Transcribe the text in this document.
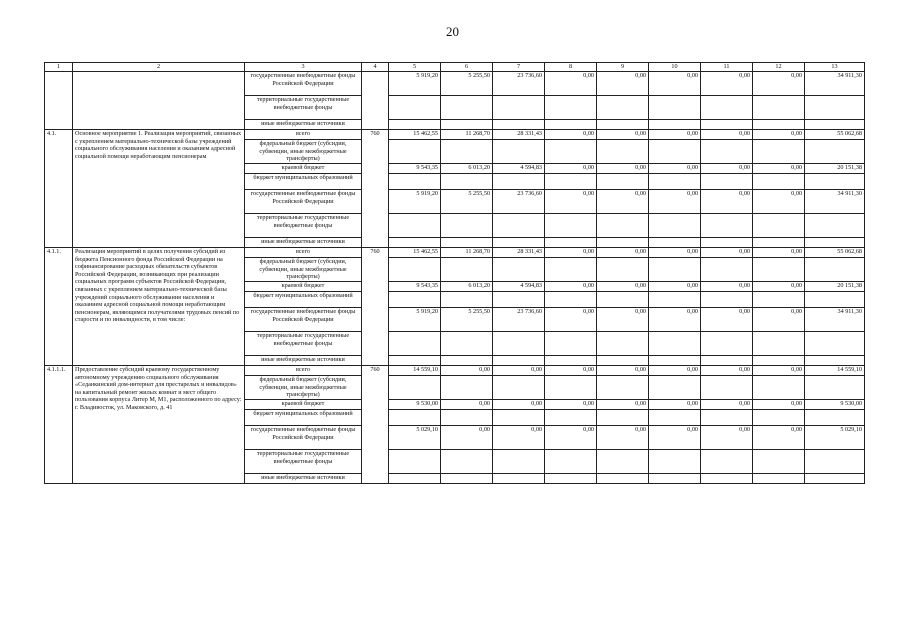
20
1	2	3	4	5	6	7	8	9	10	11	12	13
		государственные внебюджетные фонды Российской Федерации		5 919,20	5 255,50	23 736,60	0,00	0,00	0,00	0,00	0,00	34 911,30
		территориальные государственные внебюджетные фонды										
		иные внебюджетные источники										
4.1.	Основное мероприятие 1. Реализация мероприятий, связанных с укреплением материально-технической базы учреждений социального обслуживания населения и оказанием адресной социальной помощи неработающим пенсионерам	всего	760	15 462,55	11 268,70	28 331,43	0,00	0,00	0,00	0,00	0,00	55 062,68
		федеральный бюджет (субсидии, субвенции, иные межбюджетные трансферты)										
		краевой бюджет		9 543,35	6 013,20	4 594,83	0,00	0,00	0,00	0,00	0,00	20 151,38
		бюджет муниципальных образований										
		государственные внебюджетные фонды Российской Федерации		5 919,20	5 255,50	23 736,60	0,00	0,00	0,00	0,00	0,00	34 911,30
		территориальные государственные внебюджетные фонды										
		иные внебюджетные источники										
4.1.1.	Реализация мероприятий в целях получения субсидий из бюджета Пенсионного фонда Российской Федерации на софинансирование расходных обязательств субъектов Российской Федерации, возникающих при реализации социальных программ субъектов Российской Федерации, связанных с укреплением материально-технической базы учреждений социального обслуживания населения и оказанием адресной социальной помощи неработающим пенсионерам, являющимся получателями трудовых пенсий по старости и по инвалидности, в том числе:	всего	760	15 462,55	11 268,70	28 331,43	0,00	0,00	0,00	0,00	0,00	55 062,68
		федеральный бюджет (субсидии, субвенции, иные межбюджетные трансферты)										
		краевой бюджет		9 543,35	6 013,20	4 594,83	0,00	0,00	0,00	0,00	0,00	20 151,38
		бюджет муниципальных образований										
		государственные внебюджетные фонды Российской Федерации		5 919,20	5 255,50	23 736,60	0,00	0,00	0,00	0,00	0,00	34 911,30
		территориальные государственные внебюджетные фонды										
		иные внебюджетные источники										
4.1.1.1.	Предоставление субсидий краевому государственному автономному учреждению социального обслуживания «Седанкинский дом-интернат для престарелых и инвалидов» на капитальный ремонт жилых комнат и мест общего пользования корпуса Литер М, М1, расположенного по адресу: г. Владивосток, ул. Маковского, д. 41	всего	760	14 559,10	0,00	0,00	0,00	0,00	0,00	0,00	0,00	14 559,10
		федеральный бюджет (субсидии, субвенции, иные межбюджетные трансферты)										
		краевой бюджет		9 530,00	0,00	0,00	0,00	0,00	0,00	0,00	0,00	9 530,00
		бюджет муниципальных образований										
		государственные внебюджетные фонды Российской Федерации		5 029,10	0,00	0,00	0,00	0,00	0,00	0,00	0,00	5 029,10
		территориальные государственные внебюджетные фонды										
		иные внебюджетные источники										
